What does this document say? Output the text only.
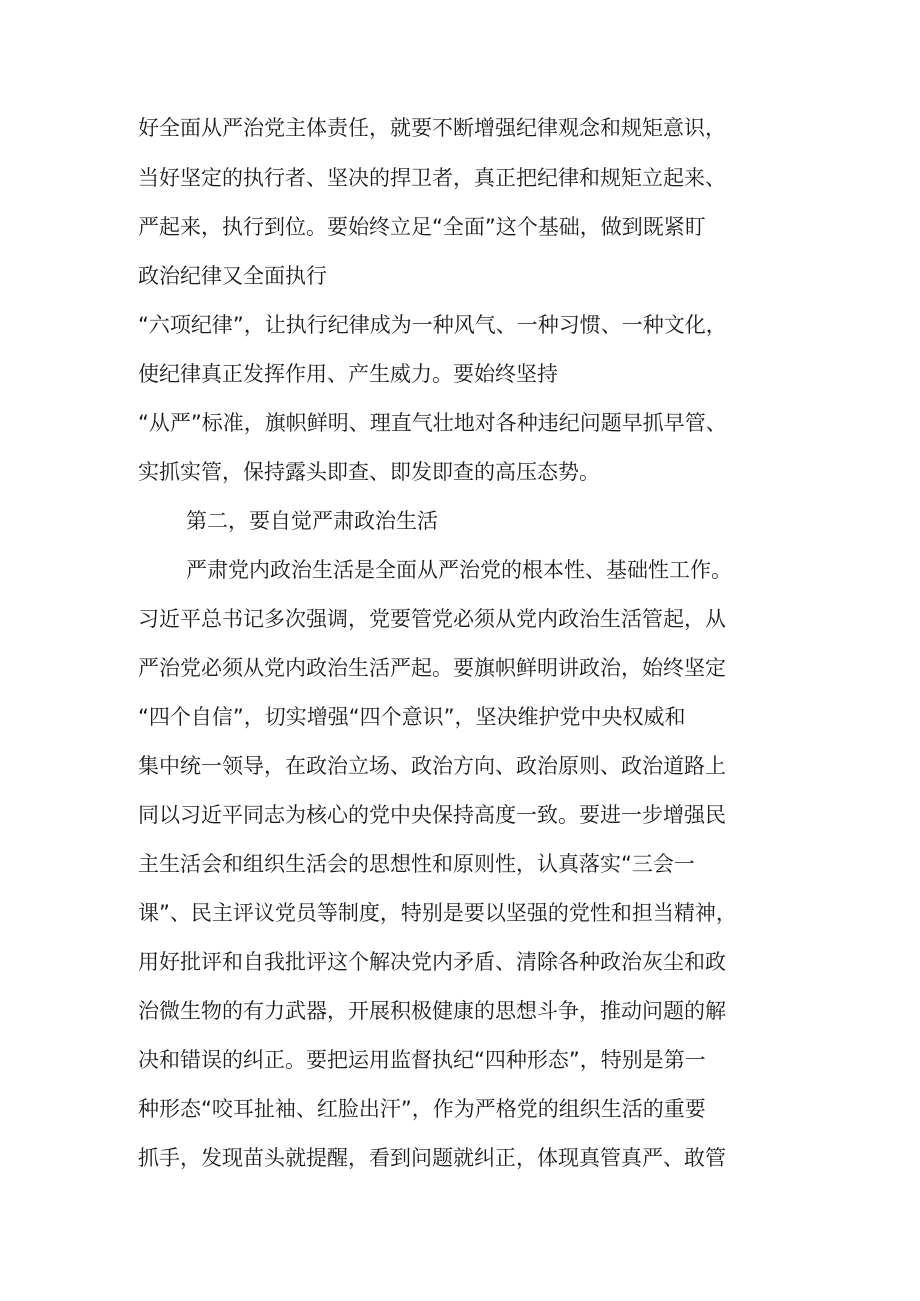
好全面从严治党主体责任，就要不断增强纪律观念和规矩意识，
当好坚定的执行者、坚决的捍卫者，真正把纪律和规矩立起来、
严起来，执行到位。要始终立足“全面”这个基础，做到既紧盯
政治纪律又全面执行
“六项纪律”，让执行纪律成为一种风气、一种习惯、一种文化，
使纪律真正发挥作用、产生威力。要始终坚持
“从严”标准，旗帜鲜明、理直气壮地对各种违纪问题早抓早管、
实抓实管，保持露头即查、即发即查的高压态势。
第二，要自觉严肃政治生活
严肃党内政治生活是全面从严治党的根本性、基础性工作。
习近平总书记多次强调，党要管党必须从党内政治生活管起，从
严治党必须从党内政治生活严起。要旗帜鲜明讲政治，始终坚定
“四个自信”，切实增强“四个意识”，坚决维护党中央权威和
集中统一领导，在政治立场、政治方向、政治原则、政治道路上
同以习近平同志为核心的党中央保持高度一致。要进一步增强民
主生活会和组织生活会的思想性和原则性，认真落实“三会一
课”、民主评议党员等制度，特别是要以坚强的党性和担当精神，
用好批评和自我批评这个解决党内矛盾、清除各种政治灰尘和政
治微生物的有力武器，开展积极健康的思想斗争，推动问题的解
决和错误的纠正。要把运用监督执纪“四种形态”，特别是第一
种形态“咬耳扯袖、红脸出汗”，作为严格党的组织生活的重要
抓手，发现苗头就提醒，看到问题就纠正，体现真管真严、敢管
